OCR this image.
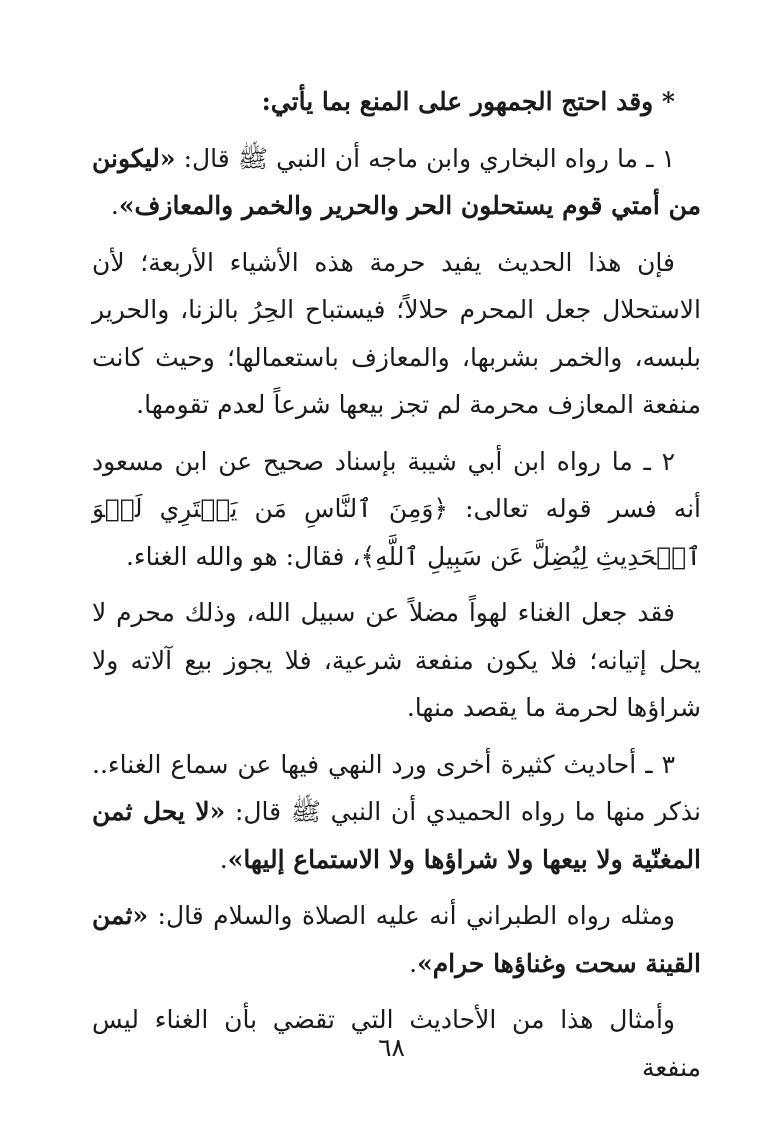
* وقد احتج الجمهور على المنع بما يأتي:

١ ـ ما رواه البخاري وابن ماجه أن النبي ﷺ قال: «ليكونن من أمتي قوم يستحلون الحر والحرير والخمر والمعازف».

فإن هذا الحديث يفيد حرمة هذه الأشياء الأربعة؛ لأن الاستحلال جعل المحرم حلالاً؛ فيستباح الحِرُ بالزنا، والحرير بلبسه، والخمر بشربها، والمعازف باستعمالها؛ وحيث كانت منفعة المعازف محرمة لم تجز بيعها شرعاً لعدم تقومها.

٢ ـ ما رواه ابن أبي شيبة بإسناد صحيح عن ابن مسعود أنه فسر قوله تعالى: ﴿وَمِنَ ٱلنَّاسِ مَن يَشۡتَرِي لَهۡوَ ٱلۡحَدِيثِ لِيُضِلَّ عَن سَبِيلِ ٱللَّهِ﴾، فقال: هو والله الغناء.

فقد جعل الغناء لهواً مضلاً عن سبيل الله، وذلك محرم لا يحل إتيانه؛ فلا يكون منفعة شرعية، فلا يجوز بيع آلاته ولا شراؤها لحرمة ما يقصد منها.

٣ ـ أحاديث كثيرة أخرى ورد النهي فيها عن سماع الغناء.. نذكر منها ما رواه الحميدي أن النبي ﷺ قال: «لا يحل ثمن المغنّية ولا بيعها ولا شراؤها ولا الاستماع إليها».

ومثله رواه الطبراني أنه عليه الصلاة والسلام قال: «ثمن القينة سحت وغناؤها حرام».

وأمثال هذا من الأحاديث التي تقضي بأن الغناء ليس منفعة

٦٨
